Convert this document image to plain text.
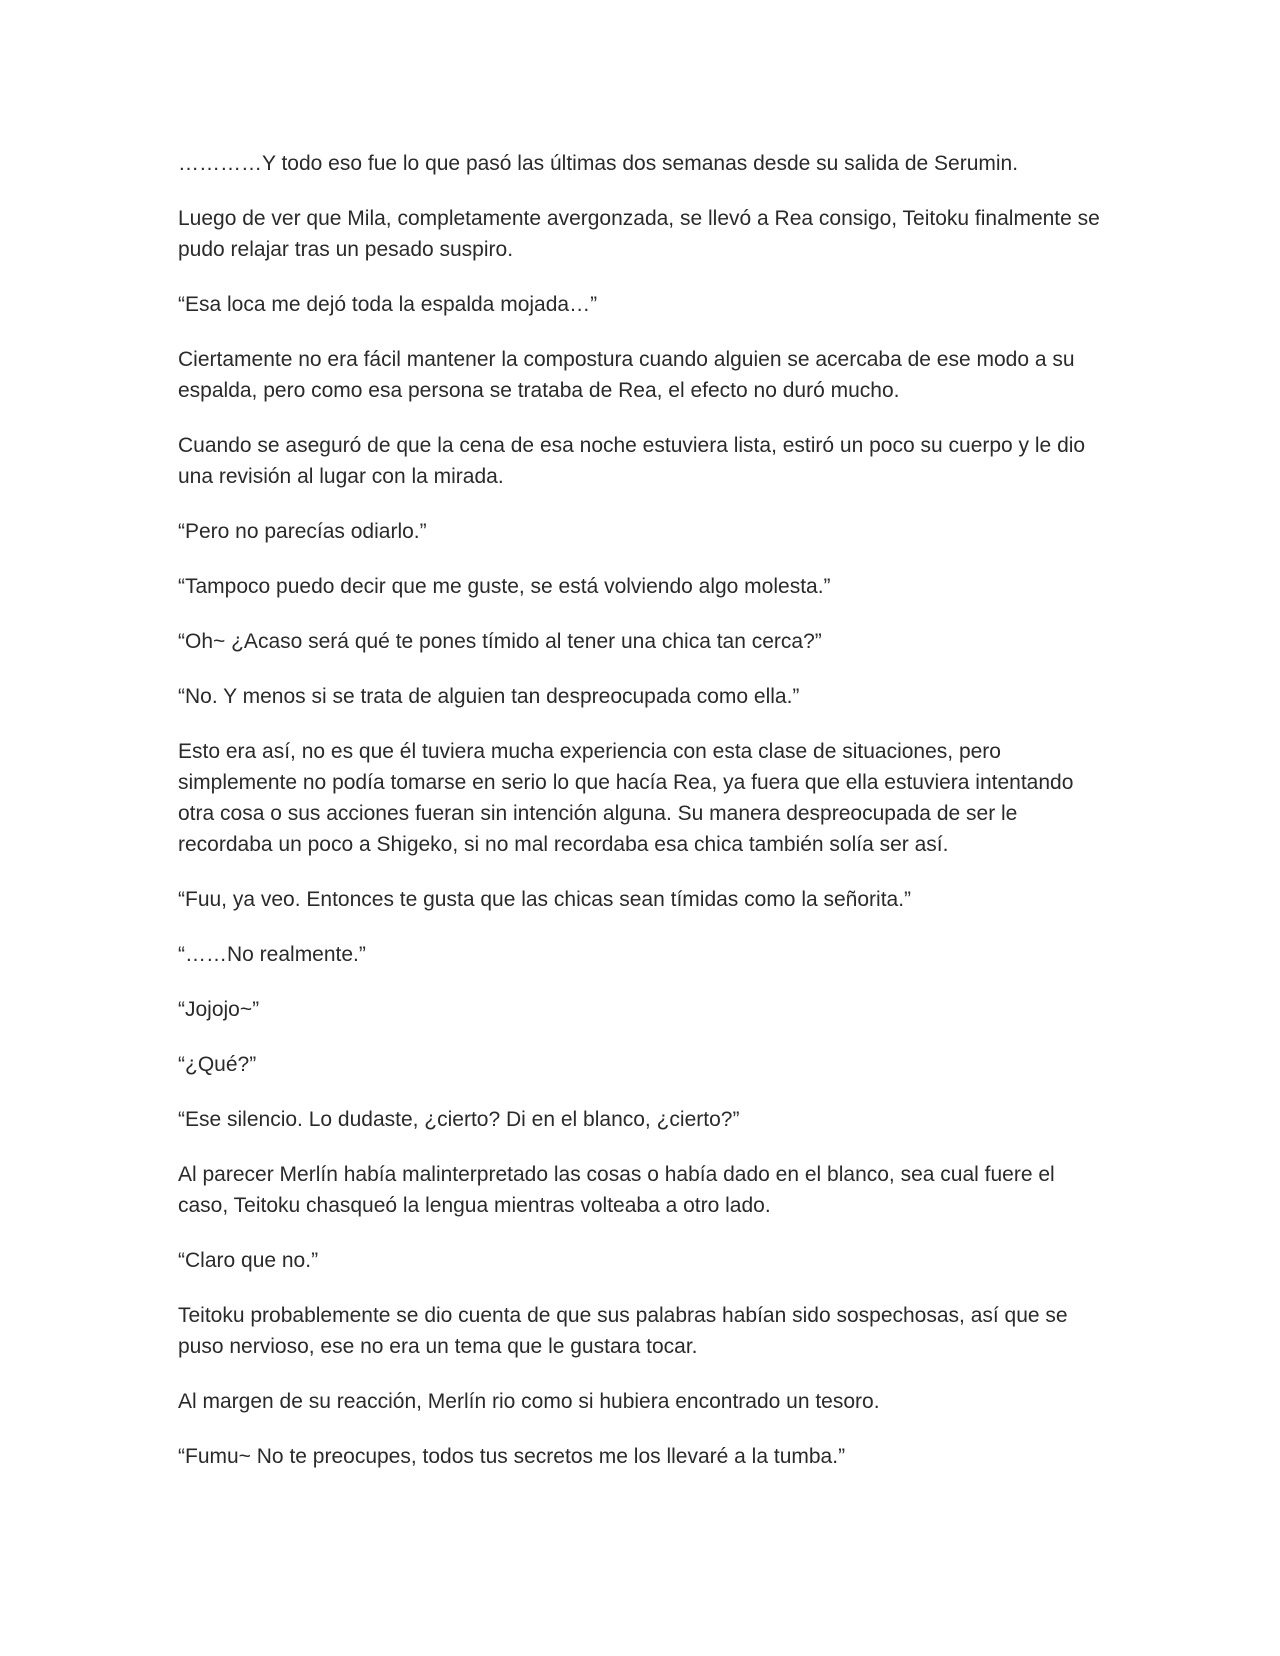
…………Y todo eso fue lo que pasó las últimas dos semanas desde su salida de Serumin.

Luego de ver que Mila, completamente avergonzada, se llevó a Rea consigo, Teitoku finalmente se pudo relajar tras un pesado suspiro.

“Esa loca me dejó toda la espalda mojada…”

Ciertamente no era fácil mantener la compostura cuando alguien se acercaba de ese modo a su espalda, pero como esa persona se trataba de Rea, el efecto no duró mucho.

Cuando se aseguró de que la cena de esa noche estuviera lista, estiró un poco su cuerpo y le dio una revisión al lugar con la mirada.

“Pero no parecías odiarlo.”

“Tampoco puedo decir que me guste, se está volviendo algo molesta.”

“Oh~ ¿Acaso será qué te pones tímido al tener una chica tan cerca?”

“No. Y menos si se trata de alguien tan despreocupada como ella.”

Esto era así, no es que él tuviera mucha experiencia con esta clase de situaciones, pero simplemente no podía tomarse en serio lo que hacía Rea, ya fuera que ella estuviera intentando otra cosa o sus acciones fueran sin intención alguna. Su manera despreocupada de ser le recordaba un poco a Shigeko, si no mal recordaba esa chica también solía ser así.

“Fuu, ya veo. Entonces te gusta que las chicas sean tímidas como la señorita.”

“……No realmente.”

“Jojojo~”

“¿Qué?”

“Ese silencio. Lo dudaste, ¿cierto? Di en el blanco, ¿cierto?”

Al parecer Merlín había malinterpretado las cosas o había dado en el blanco, sea cual fuere el caso, Teitoku chasqueó la lengua mientras volteaba a otro lado.

“Claro que no.”

Teitoku probablemente se dio cuenta de que sus palabras habían sido sospechosas, así que se puso nervioso, ese no era un tema que le gustara tocar.

Al margen de su reacción, Merlín rio como si hubiera encontrado un tesoro.

“Fumu~ No te preocupes, todos tus secretos me los llevaré a la tumba.”
